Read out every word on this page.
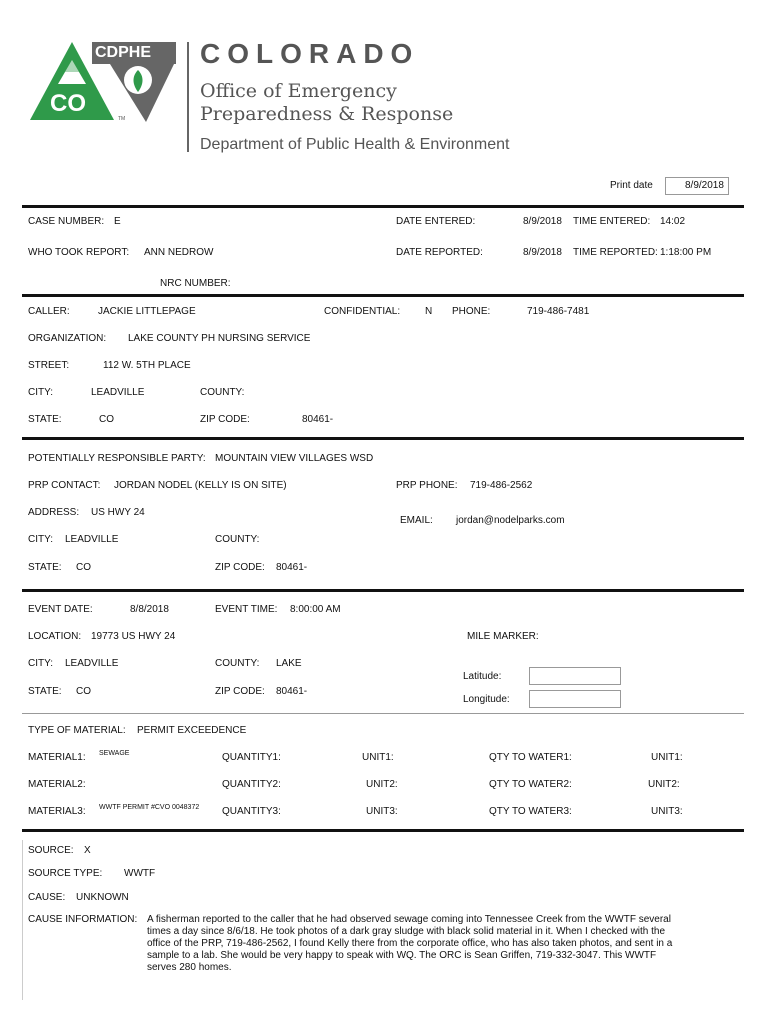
CDPHE
CO
TM
COLORADO
Office of Emergency
Preparedness & Response
Department of Public Health & Environment
Print date	8/9/2018
CASE NUMBER: E	DATE ENTERED:	8/9/2018 TIME ENTERED: 14:02
WHO TOOK REPORT: ANN NEDROW	DATE REPORTED:	8/9/2018 TIME REPORTED: 1:18:00 PM
NRC NUMBER:
CALLER:	JACKIE LITTLEPAGE	CONFIDENTIAL: N PHONE:	719-486-7481
ORGANIZATION: LAKE COUNTY PH NURSING SERVICE
STREET:	112 W. 5TH PLACE
CITY:	LEADVILLE	COUNTY:
STATE:	CO	ZIP CODE:	80461-
POTENTIALLY RESPONSIBLE PARTY: MOUNTAIN VIEW VILLAGES WSD
PRP CONTACT: JORDAN NODEL (KELLY IS ON SITE)	PRP PHONE: 719-486-2562
ADDRESS: US HWY 24
EMAIL: jordan@nodelparks.com
CITY: LEADVILLE	COUNTY:
STATE: CO	ZIP CODE: 80461-
EVENT DATE:	8/8/2018	EVENT TIME: 8:00:00 AM
LOCATION: 19773 US HWY 24	MILE MARKER:
CITY: LEADVILLE	COUNTY: LAKE
Latitude:
STATE: CO	ZIP CODE: 80461-
Longitude:
TYPE OF MATERIAL: PERMIT EXCEEDENCE
MATERIAL1: SEWAGE	QUANTITY1:	UNIT1:	QTY TO WATER1:	UNIT1:
MATERIAL2:	QUANTITY2:	UNIT2:	QTY TO WATER2:	UNIT2:
MATERIAL3: WWTF PERMIT #CVO 0048372 QUANTITY3:	UNIT3:	QTY TO WATER3:	UNIT3:
SOURCE: X
SOURCE TYPE: WWTF
CAUSE: UNKNOWN
CAUSE INFORMATION: A fisherman reported to the caller that he had observed sewage coming into Tennessee Creek from the WWTF several times a day since 8/6/18. He took photos of a dark gray sludge with black solid material in it. When I checked with the office of the PRP, 719-486-2562, I found Kelly there from the corporate office, who has also taken photos, and sent in a sample to a lab. She would be very happy to speak with WQ. The ORC is Sean Griffen, 719-332-3047. This WWTF serves 280 homes.
